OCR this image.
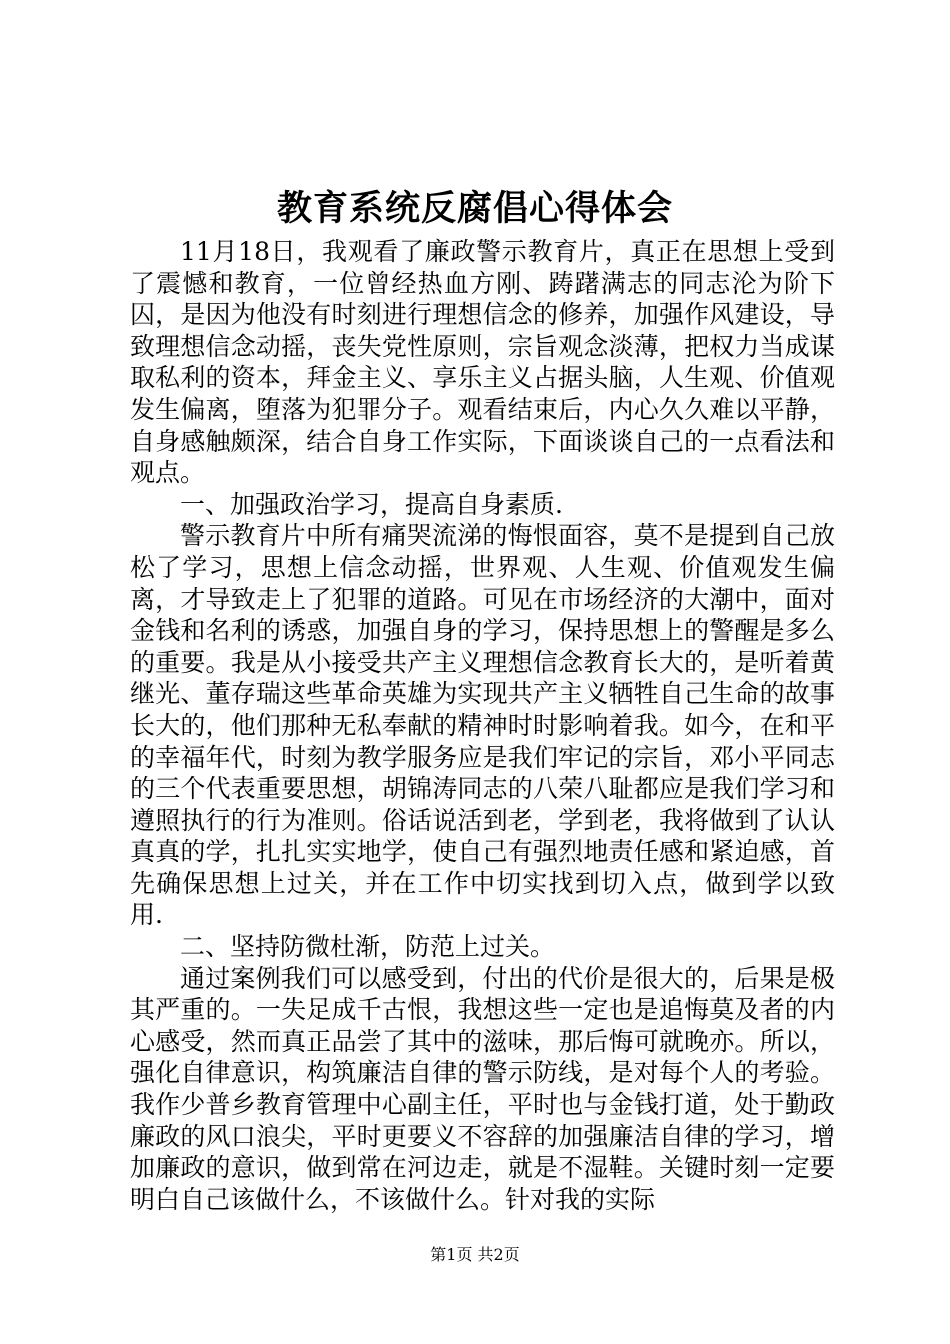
教育系统反腐倡心得体会

11月18日，我观看了廉政警示教育片，真正在思想上受到了震憾和教育，一位曾经热血方刚、踌躇满志的同志沦为阶下囚，是因为他没有时刻进行理想信念的修养，加强作风建设，导致理想信念动摇，丧失党性原则，宗旨观念淡薄，把权力当成谋取私利的资本，拜金主义、享乐主义占据头脑，人生观、价值观发生偏离，堕落为犯罪分子。观看结束后，内心久久难以平静，自身感触颇深，结合自身工作实际，下面谈谈自己的一点看法和观点。

一、加强政治学习，提高自身素质.

警示教育片中所有痛哭流涕的悔恨面容，莫不是提到自己放松了学习，思想上信念动摇，世界观、人生观、价值观发生偏离，才导致走上了犯罪的道路。可见在市场经济的大潮中，面对金钱和名利的诱惑，加强自身的学习，保持思想上的警醒是多么的重要。我是从小接受共产主义理想信念教育长大的，是听着黄继光、董存瑞这些革命英雄为实现共产主义牺牲自己生命的故事长大的，他们那种无私奉献的精神时时影响着我。如今，在和平的幸福年代，时刻为教学服务应是我们牢记的宗旨，邓小平同志的三个代表重要思想，胡锦涛同志的八荣八耻都应是我们学习和遵照执行的行为准则。俗话说活到老，学到老，我将做到了认认真真的学，扎扎实实地学，使自己有强烈地责任感和紧迫感，首先确保思想上过关，并在工作中切实找到切入点，做到学以致用.

二、坚持防微杜渐，防范上过关。

通过案例我们可以感受到，付出的代价是很大的，后果是极其严重的。一失足成千古恨，我想这些一定也是追悔莫及者的内心感受，然而真正品尝了其中的滋味，那后悔可就晚亦。所以，强化自律意识，构筑廉洁自律的警示防线，是对每个人的考验。我作少普乡教育管理中心副主任，平时也与金钱打道，处于勤政廉政的风口浪尖，平时更要义不容辞的加强廉洁自律的学习，增加廉政的意识，做到常在河边走，就是不湿鞋。关键时刻一定要明白自己该做什么，不该做什么。针对我的实际

第1页 共2页
